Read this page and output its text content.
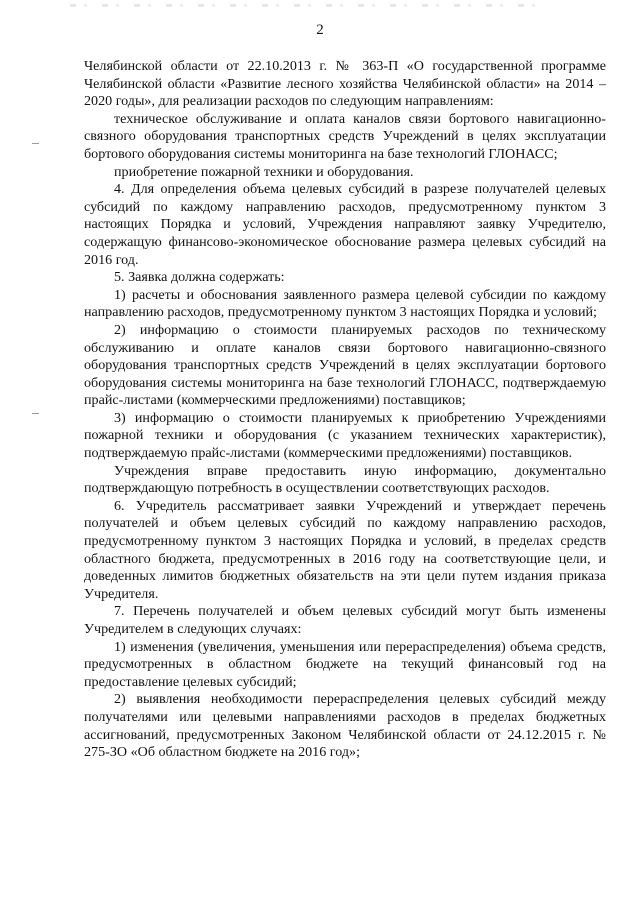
2

Челябинской области от 22.10.2013 г. № 363-П «О государственной программе Челябинской области «Развитие лесного хозяйства Челябинской области» на 2014 – 2020 годы», для реализации расходов по следующим направлениям:

техническое обслуживание и оплата каналов связи бортового навигационно-связного оборудования транспортных средств Учреждений в целях эксплуатации бортового оборудования системы мониторинга на базе технологий ГЛОНАСС;

приобретение пожарной техники и оборудования.

4. Для определения объема целевых субсидий в разрезе получателей целевых субсидий по каждому направлению расходов, предусмотренному пунктом 3 настоящих Порядка и условий, Учреждения направляют заявку Учредителю, содержащую финансово-экономическое обоснование размера целевых субсидий на 2016 год.

5. Заявка должна содержать:

1) расчеты и обоснования заявленного размера целевой субсидии по каждому направлению расходов, предусмотренному пунктом 3 настоящих Порядка и условий;

2) информацию о стоимости планируемых расходов по техническому обслуживанию и оплате каналов связи бортового навигационно-связного оборудования транспортных средств Учреждений в целях эксплуатации бортового оборудования системы мониторинга на базе технологий ГЛОНАСС, подтверждаемую прайс-листами (коммерческими предложениями) поставщиков;

3) информацию о стоимости планируемых к приобретению Учреждениями пожарной техники и оборудования (с указанием технических характеристик), подтверждаемую прайс-листами (коммерческими предложениями) поставщиков.

Учреждения вправе предоставить иную информацию, документально подтверждающую потребность в осуществлении соответствующих расходов.

6. Учредитель рассматривает заявки Учреждений и утверждает перечень получателей и объем целевых субсидий по каждому направлению расходов, предусмотренному пунктом 3 настоящих Порядка и условий, в пределах средств областного бюджета, предусмотренных в 2016 году на соответствующие цели, и доведенных лимитов бюджетных обязательств на эти цели путем издания приказа Учредителя.

7. Перечень получателей и объем целевых субсидий могут быть изменены Учредителем в следующих случаях:

1) изменения (увеличения, уменьшения или перераспределения) объема средств, предусмотренных в областном бюджете на текущий финансовый год на предоставление целевых субсидий;

2) выявления необходимости перераспределения целевых субсидий между получателями или целевыми направлениями расходов в пределах бюджетных ассигнований, предусмотренных Законом Челябинской области от 24.12.2015 г. № 275-ЗО «Об областном бюджете на 2016 год»;
